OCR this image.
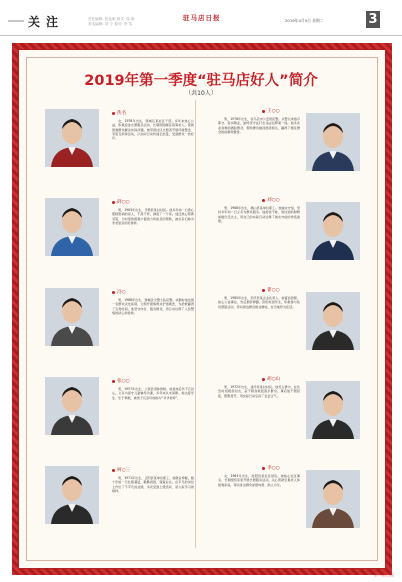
关注	责任编辑: 张远明 版式: 周 丽
美术编辑: 刘 宁 校对: 李 雪
驻马店日报	2019年4月9日 星期二	3
2019年第一季度“驻马店好人”简介
（共10人）
佚名
女，1978年出生，驿城区某社区干部。多年来热心公益，积极投身志愿服务活动，长期照顾辖区孤寡老人，帮助困难群众解决实际问题。她带领社区志愿者开展环境整治、邻里互助等活动，以实际行动传递正能量，受到群众一致好评。
王○○
男，1976年出生，驻马店市公安局民警。从警以来恪尽职守、爱岗敬业，始终坚守在打击违法犯罪第一线。他多次舍身救助遇险群众，帮助群众挽回经济损失，赢得了辖区群众的信赖和赞誉。
薛○○
男，1963年出生，平舆县某村村民。他多年如一日悉心照顾患病的家人，不离不弃，撑起了一个家。他还热心帮助邻里，为村里的困难户提供力所能及的帮助，被乡亲们称为孝老爱亲的好榜样。
刘○○
男，1968年出生，确山县某单位职工。他诚实守信，坚持多年如一日义务为群众服务。他拾金不昧，将捡到的财物如数归还失主，用自己的实际行动诠释了诚实守信的传统美德。
冯○
男，1988年出生，驿城区交警大队民警。执勤时他发现一名群众突发疾病，立即开展施救并护送就医，为抢救赢得了宝贵时间。他坚守岗位、服务群众，用行动诠释了人民警察的初心和使命。
翟○○
男，1985年出生，西平县某企业负责人。他富而思源，热心公益事业，先后捐资修路、资助贫困学生，积极参与扶贫帮困活动，带动周边群众就业增收，在当地传为佳话。
张○○
男，1957年出生，上蔡县退休教师。他退休后仍不忘初心，义务为留守儿童辅导功课，多年来从未间断。他关爱学生、乐于奉献，被孩子们亲切地称为“爷爷老师”。
胡○山
男，1972年出生，遂平县某村村民。他见义勇为，在危急时刻挺身而出，奋不顾身救起落水群众。事后他不图回报，默默离开，用实际行动弘扬了社会正气。
柯○三
男，1971年出生，正阳县某单位职工。他敬业奉献，数十年如一日扎根基层，勤勤恳恳，兢兢业业，在平凡的岗位上作出了不平凡的业绩，多次受到上级表彰，是大家学习的榜样。
李○○
女，1963年出生，泌阳县某社区居民。她热心社区事务，长期组织邻里开展志愿服务活动，关心帮助空巢老人和困难家庭，带动身边群众崇德向善、助人为乐。
驻马店日报
